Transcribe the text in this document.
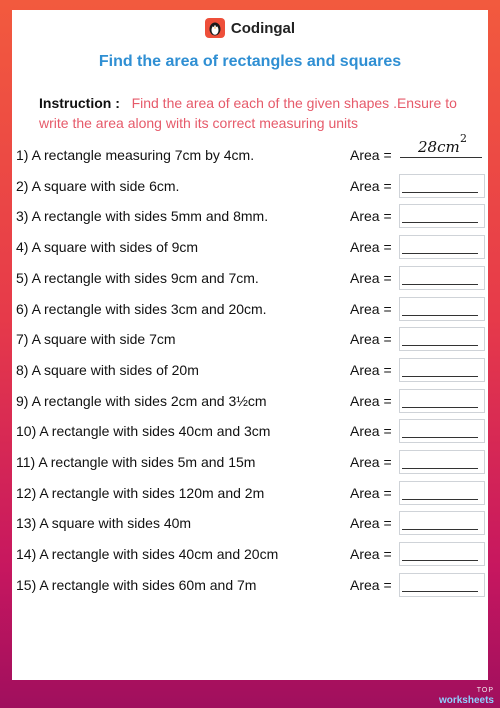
Codingal
Find the area of rectangles and squares
Instruction : Find the area of each of the given shapes .Ensure to write the area along with its correct measuring units
1) A rectangle measuring 7cm by 4cm.	Area = 28cm 2
2) A square with side 6cm.	Area =
3) A rectangle with sides 5mm and 8mm.	Area =
4) A square with sides of 9cm	Area =
5) A rectangle with sides 9cm and 7cm.	Area =
6) A rectangle with sides 3cm and 20cm.	Area =
7) A square with side 7cm	Area =
8) A square with sides of 20m	Area =
9) A rectangle with sides 2cm and 3½cm	Area =
10) A rectangle with sides 40cm and 3cm	Area =
11) A rectangle with sides 5m and 15m	Area =
12) A rectangle with sides 120m and 2m	Area =
13) A square with sides 40m	Area =
14) A rectangle with sides 40cm and 20cm	Area =
15) A rectangle with sides 60m and 7m	Area =
TOP
worksheets
